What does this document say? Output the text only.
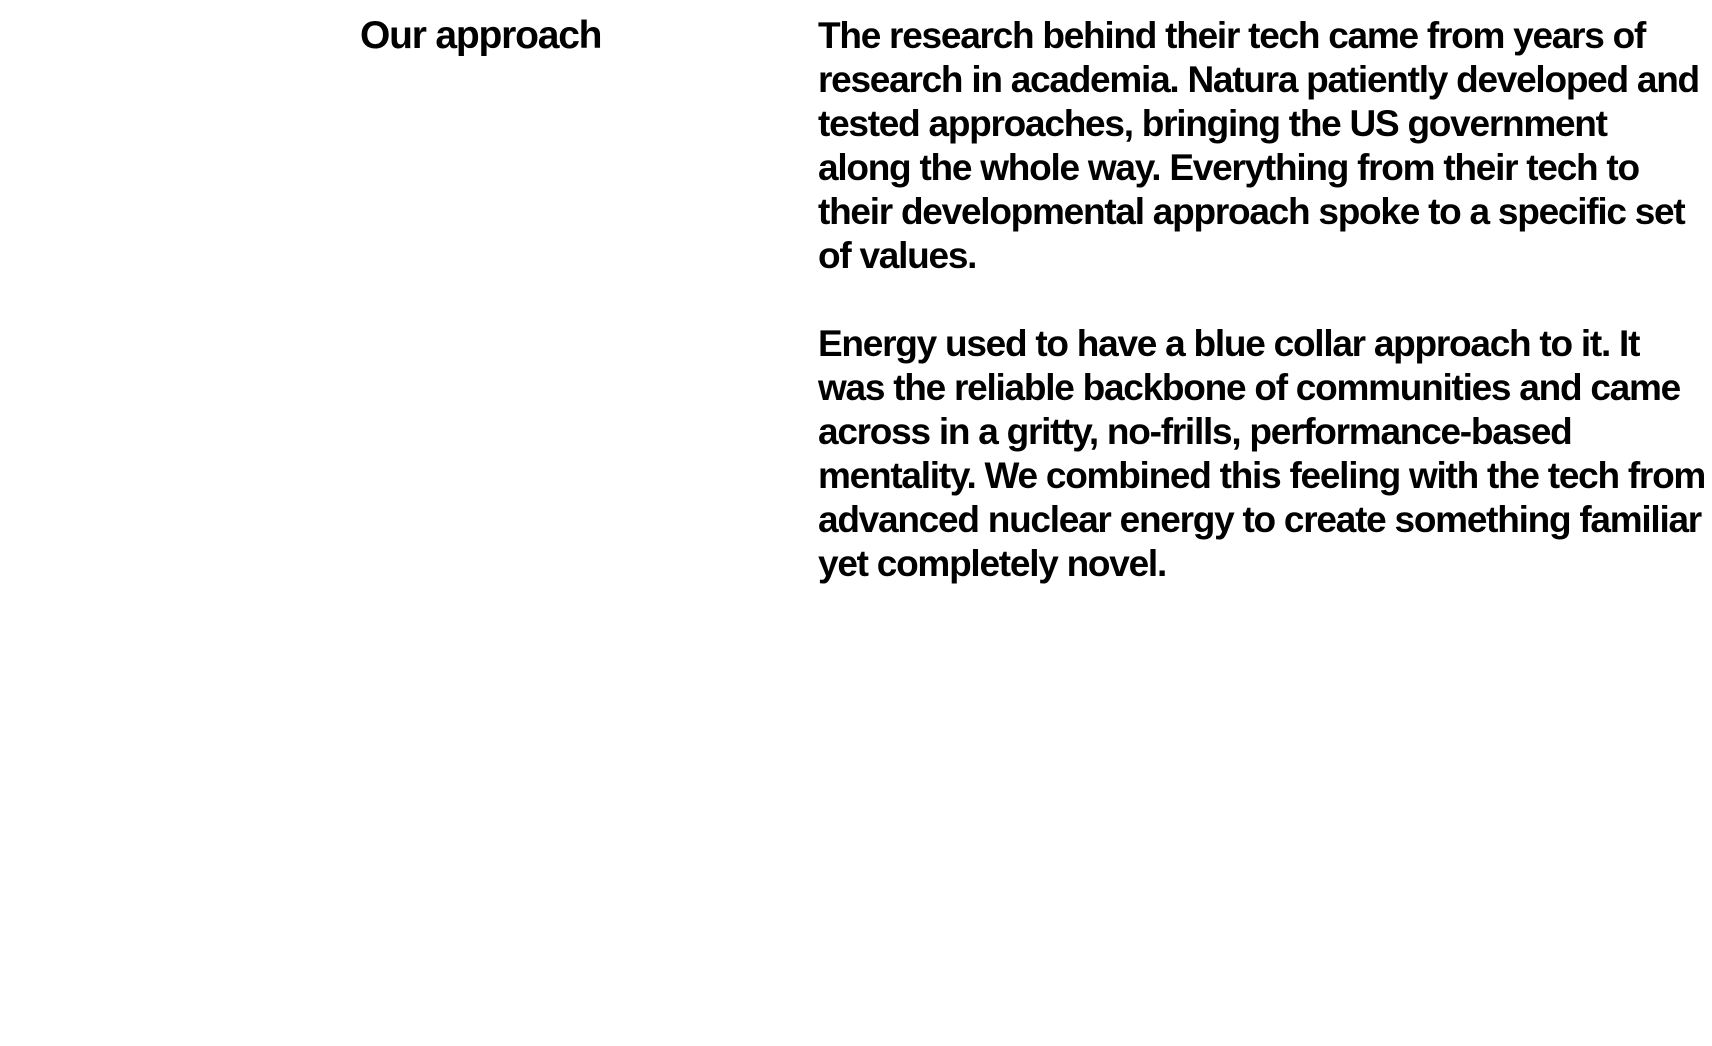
Our approach	The research behind their tech came from years of research in academia. Natura patiently developed and tested approaches, bringing the US government along the whole way. Everything from their tech to their developmental approach spoke to a specific set of values.

Energy used to have a blue collar approach to it. It was the reliable backbone of communities and came across in a gritty, no-frills, performance-based mentality. We combined this feeling with the tech from advanced nuclear energy to create something familiar yet completely novel.
